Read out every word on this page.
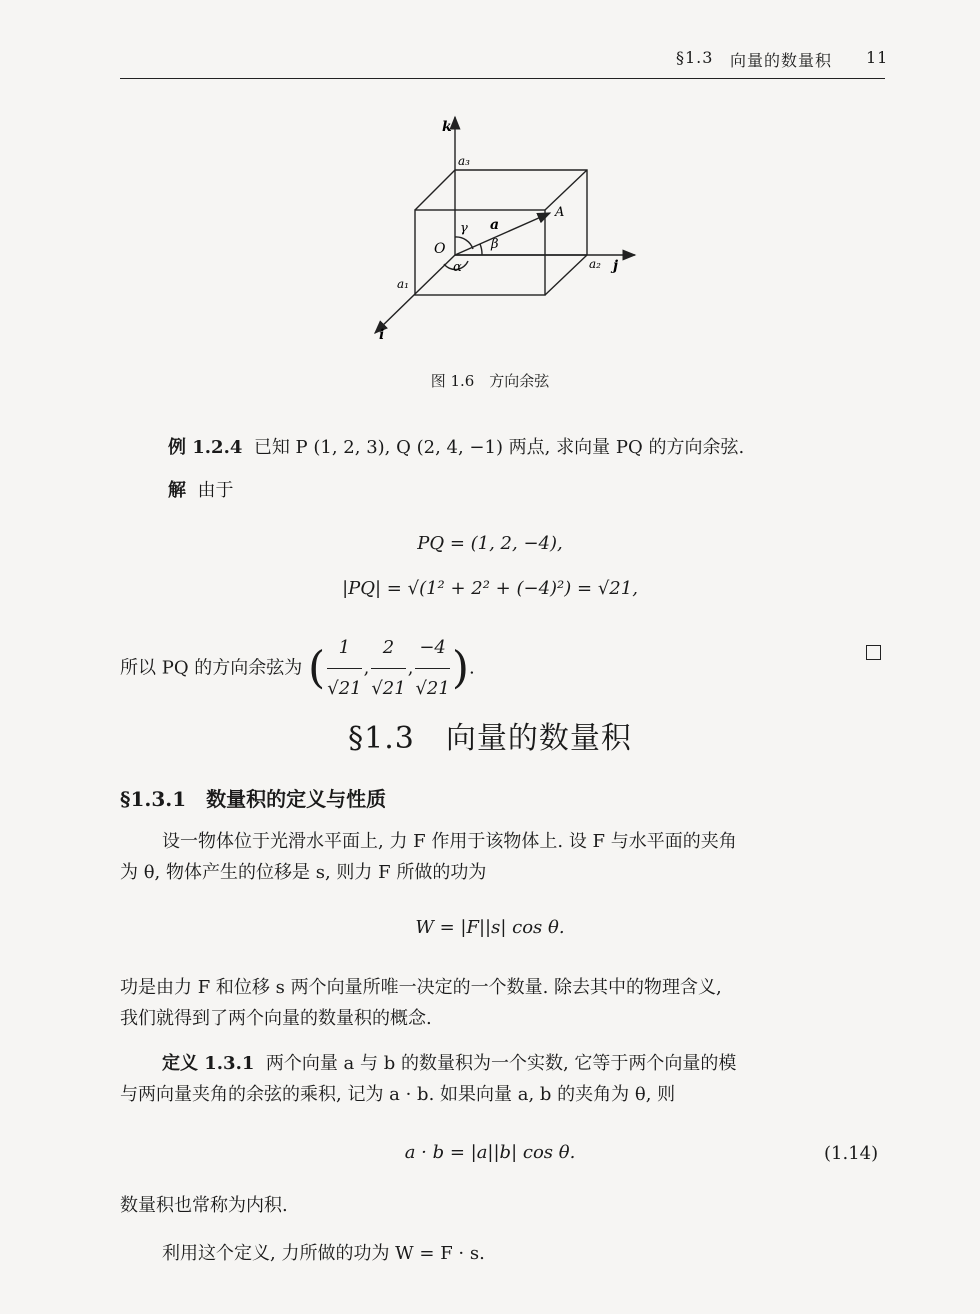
§1.3 向量的数量积 11
k
a₃
γ a
A
O	β
α	a₂ j
a₁
i
图 1.6　方向余弦
例 1.2.4 已知 P (1, 2, 3), Q (2, 4, −1) 两点, 求向量 PQ 的方向余弦.
解 由于
PQ = (1, 2, −4),
|PQ| = √(1² + 2² + (−4)²) = √21,
所以 PQ 的方向余弦为 ( $\frac{1}{√21}$ , $\frac{2}{√21}$ , $\frac{-4}{√21}$ ).
§1.3　向量的数量积
§1.3.1　数量积的定义与性质
设一物体位于光滑水平面上, 力 F 作用于该物体上. 设 F 与水平面的夹角
为 θ, 物体产生的位移是 s, 则力 F 所做的功为
W = |F||s| cos θ.
功是由力 F 和位移 s 两个向量所唯一决定的一个数量. 除去其中的物理含义,
我们就得到了两个向量的数量积的概念.
定义 1.3.1 两个向量 a 与 b 的数量积为一个实数, 它等于两个向量的模
与两向量夹角的余弦的乘积, 记为 a · b. 如果向量 a, b 的夹角为 θ, 则
a · b = |a||b| cos θ.	(1.14)
数量积也常称为内积.
利用这个定义, 力所做的功为 W = F · s.
